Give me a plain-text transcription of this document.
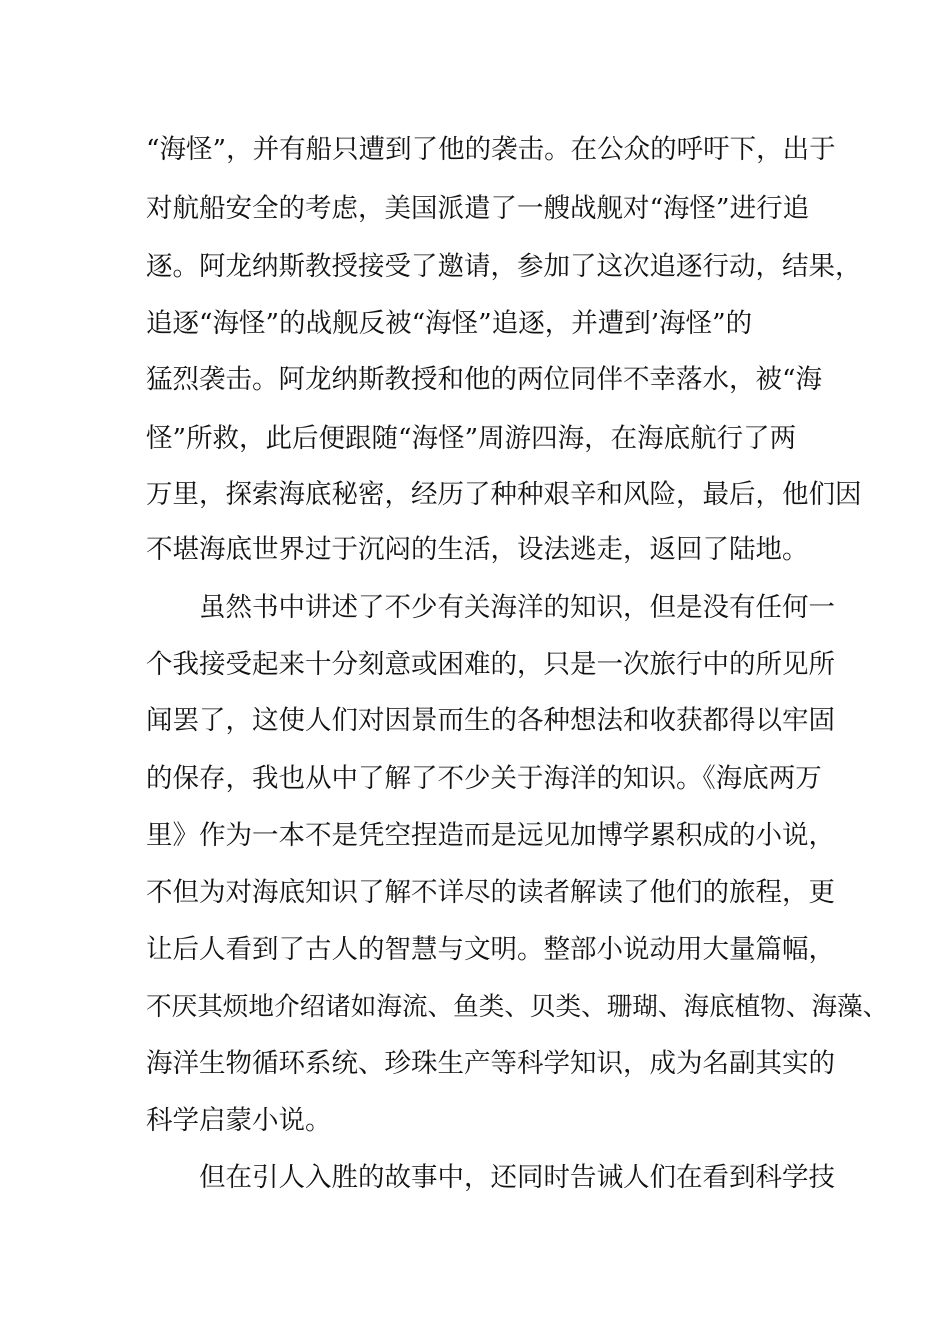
“海怪”，并有船只遭到了他的袭击。在公众的呼吁下，出于
对航船安全的考虑，美国派遣了一艘战舰对“海怪”进行追
逐。阿龙纳斯教授接受了邀请，参加了这次追逐行动，结果，
追逐“海怪”的战舰反被“海怪”追逐，并遭到’海怪”的
猛烈袭击。阿龙纳斯教授和他的两位同伴不幸落水，被“海
怪”所救，此后便跟随“海怪”周游四海，在海底航行了两
万里，探索海底秘密，经历了种种艰辛和风险，最后，他们因
不堪海底世界过于沉闷的生活，设法逃走，返回了陆地。
虽然书中讲述了不少有关海洋的知识，但是没有任何一
个我接受起来十分刻意或困难的，只是一次旅行中的所见所
闻罢了，这使人们对因景而生的各种想法和收获都得以牢固
的保存，我也从中了解了不少关于海洋的知识。《海底两万
里》作为一本不是凭空捏造而是远见加博学累积成的小说，
不但为对海底知识了解不详尽的读者解读了他们的旅程，更
让后人看到了古人的智慧与文明。整部小说动用大量篇幅，
不厌其烦地介绍诸如海流、鱼类、贝类、珊瑚、海底植物、海藻、
海洋生物循环系统、珍珠生产等科学知识，成为名副其实的
科学启蒙小说。
但在引人入胜的故事中，还同时告诫人们在看到科学技
